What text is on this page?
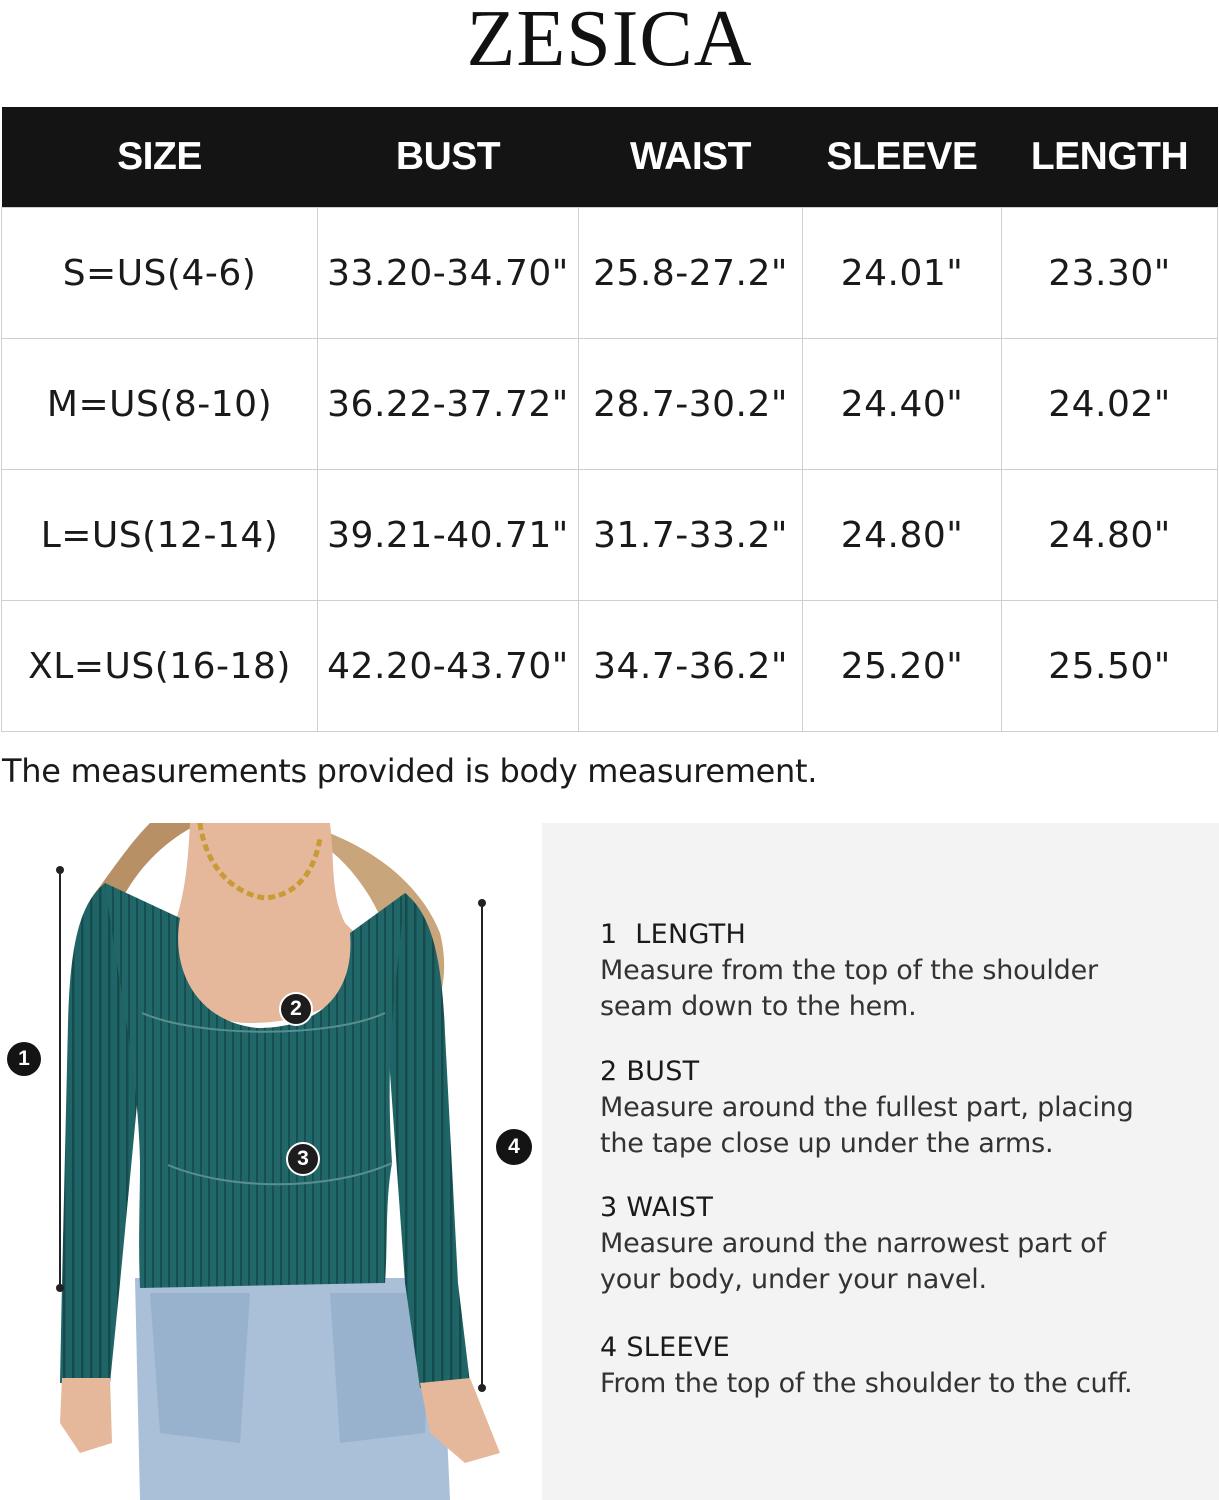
ZESICA
SIZE	BUST	WAIST	SLEEVE	LENGTH
S=US(4-6)	33.20-34.70"	25.8-27.2"	24.01"	23.30"
M=US(8-10)	36.22-37.72"	28.7-30.2"	24.40"	24.02"
L=US(12-14)	39.21-40.71"	31.7-33.2"	24.80"	24.80"
XL=US(16-18)	42.20-43.70"	34.7-36.2"	25.20"	25.50"
The measurements provided is body measurement.
1
2
3
4
1  LENGTH
Measure from the top of the shoulder
seam down to the hem.
2 BUST
Measure around the fullest part, placing
the tape close up under the arms.
3 WAIST
Measure around the narrowest part of
your body, under your navel.
4 SLEEVE
From the top of the shoulder to the cuff.
